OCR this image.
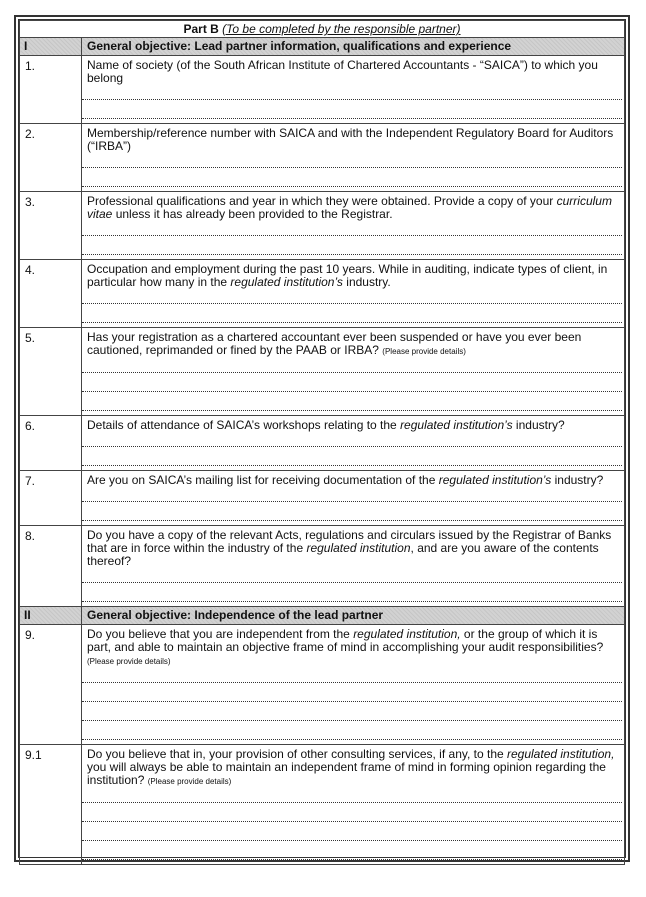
Part B (To be completed by the responsible partner)	
I	General objective: Lead partner information, qualifications and experience
1.	Name of society (of the South African Institute of Chartered Accountants - “SAICA”) to which you belong

2.	Membership/reference number with SAICA and with the Independent Regulatory Board for Auditors (“IRBA”)

3.	Professional qualifications and year in which they were obtained. Provide a copy of your curriculum vitae unless it has already been provided to the Registrar.

4.	Occupation and employment during the past 10 years. While in auditing, indicate types of client, in particular how many in the regulated institution’s industry.

5.	Has your registration as a chartered accountant ever been suspended or have you ever been cautioned, reprimanded or fined by the PAAB or IRBA? (Please provide details)

6.	Details of attendance of SAICA’s workshops relating to the regulated institution’s industry?

7.	Are you on SAICA’s mailing list for receiving documentation of the regulated institution’s industry?

8.	Do you have a copy of the relevant Acts, regulations and circulars issued by the Registrar of Banks that are in force within the industry of the regulated institution, and are you aware of the contents thereof?

II	General objective: Independence of the lead partner
9.	Do you believe that you are independent from the regulated institution, or the group of which it is part, and able to maintain an objective frame of mind in accomplishing your audit responsibilities? (Please provide details)

9.1	Do you believe that in, your provision of other consulting services, if any, to the regulated institution, you will always be able to maintain an independent frame of mind in forming opinion regarding the institution? (Please provide details)
